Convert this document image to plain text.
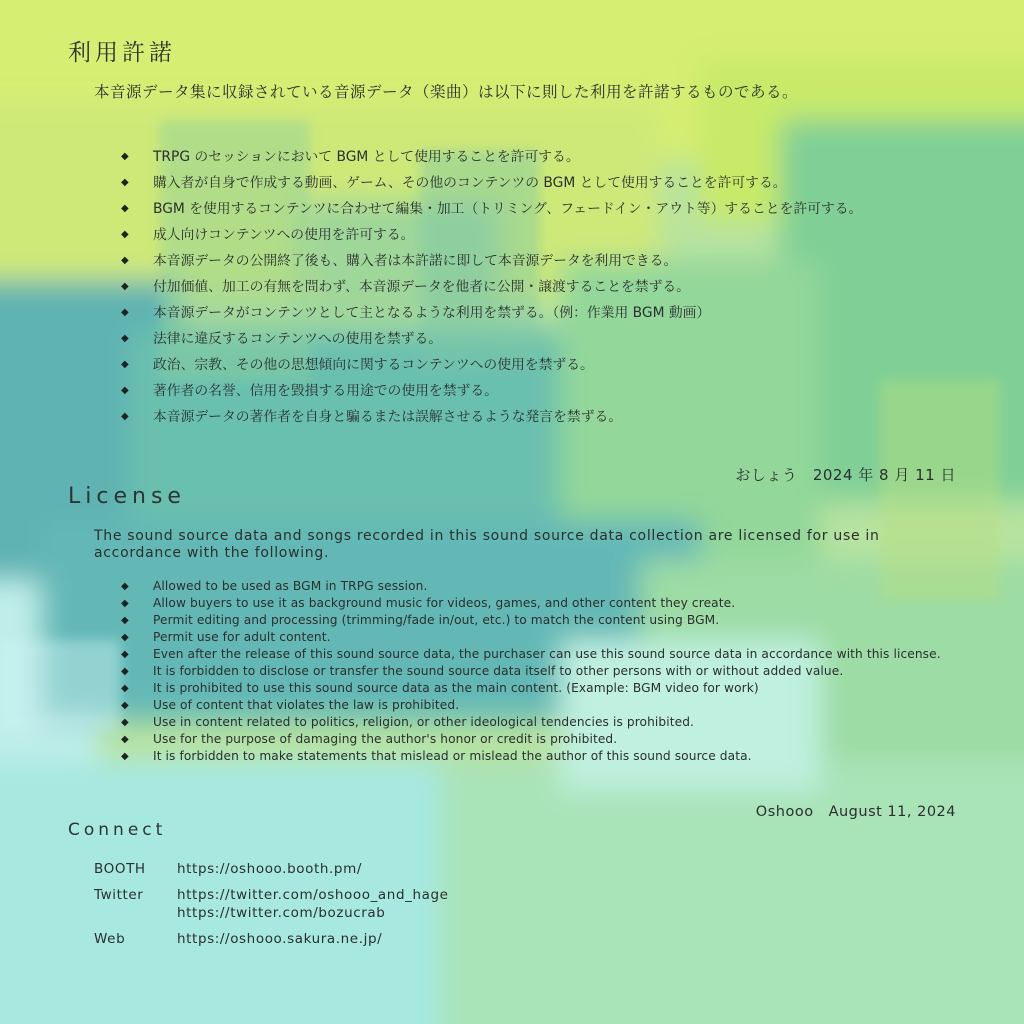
利用許諾

本音源データ集に収録されている音源データ（楽曲）は以下に則した利用を許諾するものである。

◆ TRPG のセッションにおいて BGM として使用することを許可する。
◆ 購入者が自身で作成する動画、ゲーム、その他のコンテンツの BGM として使用することを許可する。
◆ BGM を使用するコンテンツに合わせて編集・加工（トリミング、フェードイン・アウト等）することを許可する。
◆ 成人向けコンテンツへの使用を許可する。
◆ 本音源データの公開終了後も、購入者は本許諾に即して本音源データを利用できる。
◆ 付加価値、加工の有無を問わず、本音源データを他者に公開・譲渡することを禁ずる。
◆ 本音源データがコンテンツとして主となるような利用を禁ずる。（例：作業用 BGM 動画）
◆ 法律に違反するコンテンツへの使用を禁ずる。
◆ 政治、宗教、その他の思想傾向に関するコンテンツへの使用を禁ずる。
◆ 著作者の名誉、信用を毀損する用途での使用を禁ずる。
◆ 本音源データの著作者を自身と騙るまたは誤解させるような発言を禁ずる。

おしょう　2024 年 8 月 11 日

License

The sound source data and songs recorded in this sound source data collection are licensed for use in accordance with the following.

◆ Allowed to be used as BGM in TRPG session.
◆ Allow buyers to use it as background music for videos, games, and other content they create.
◆ Permit editing and processing (trimming/fade in/out, etc.) to match the content using BGM.
◆ Permit use for adult content.
◆ Even after the release of this sound source data, the purchaser can use this sound source data in accordance with this license.
◆ It is forbidden to disclose or transfer the sound source data itself to other persons with or without added value.
◆ It is prohibited to use this sound source data as the main content. (Example: BGM video for work)
◆ Use of content that violates the law is prohibited.
◆ Use in content related to politics, religion, or other ideological tendencies is prohibited.
◆ Use for the purpose of damaging the author's honor or credit is prohibited.
◆ It is forbidden to make statements that mislead or mislead the author of this sound source data.

Oshooo　August 11, 2024

Connect
BOOTH	https://oshooo.booth.pm/
Twitter	https://twitter.com/oshooo_and_hage
https://twitter.com/bozucrab
Web	https://oshooo.sakura.ne.jp/
